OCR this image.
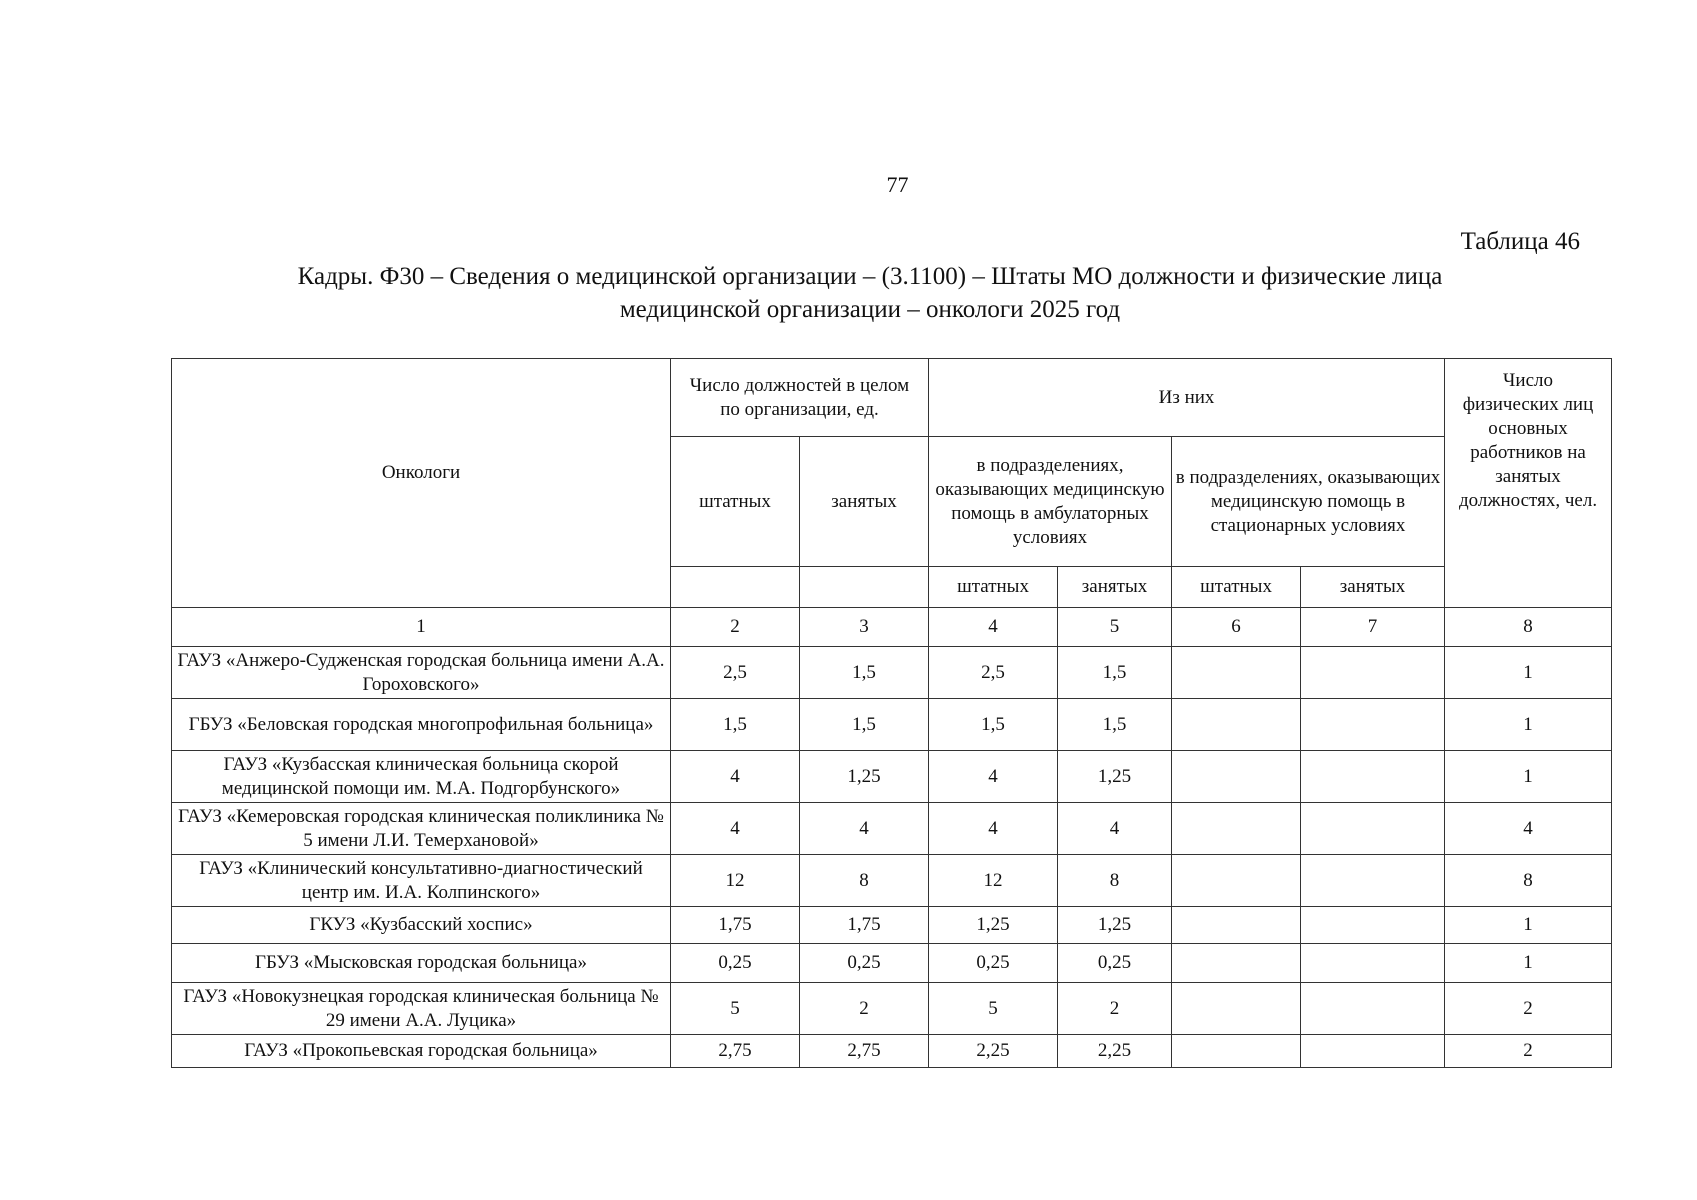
77
Таблица 46
Кадры. Ф30 – Сведения о медицинской организации – (3.1100) – Штаты МО должности и физические лица
медицинской организации – онкологи 2025 год
Онкологи	Число должностей в целом по организации, ед.		Из них				Число физических лиц основных работников на занятых должностях, чел.
	штатных	занятых	в подразделениях, оказывающих медицинскую помощь в амбулаторных условиях		в подразделениях, оказывающих медицинскую помощь в стационарных условиях		
			штатных	занятых	штатных	занятых	
1	2	3	4	5	6	7	8
ГАУЗ «Анжеро-Судженская городская больница имени А.А. Гороховского»	2,5	1,5	2,5	1,5			1
ГБУЗ «Беловская городская многопрофильная больница»	1,5	1,5	1,5	1,5			1
ГАУЗ «Кузбасская клиническая больница скорой медицинской помощи им. М.А. Подгорбунского»	4	1,25	4	1,25			1
ГАУЗ «Кемеровская городская клиническая поликлиника № 5 имени Л.И. Темерхановой»	4	4	4	4			4
ГАУЗ «Клинический консультативно-диагностический центр им. И.А. Колпинского»	12	8	12	8			8
ГКУЗ «Кузбасский хоспис»	1,75	1,75	1,25	1,25			1
ГБУЗ «Мысковская городская больница»	0,25	0,25	0,25	0,25			1
ГАУЗ «Новокузнецкая городская клиническая больница № 29 имени А.А. Луцика»	5	2	5	2			2
ГАУЗ «Прокопьевская городская больница»	2,75	2,75	2,25	2,25			2
